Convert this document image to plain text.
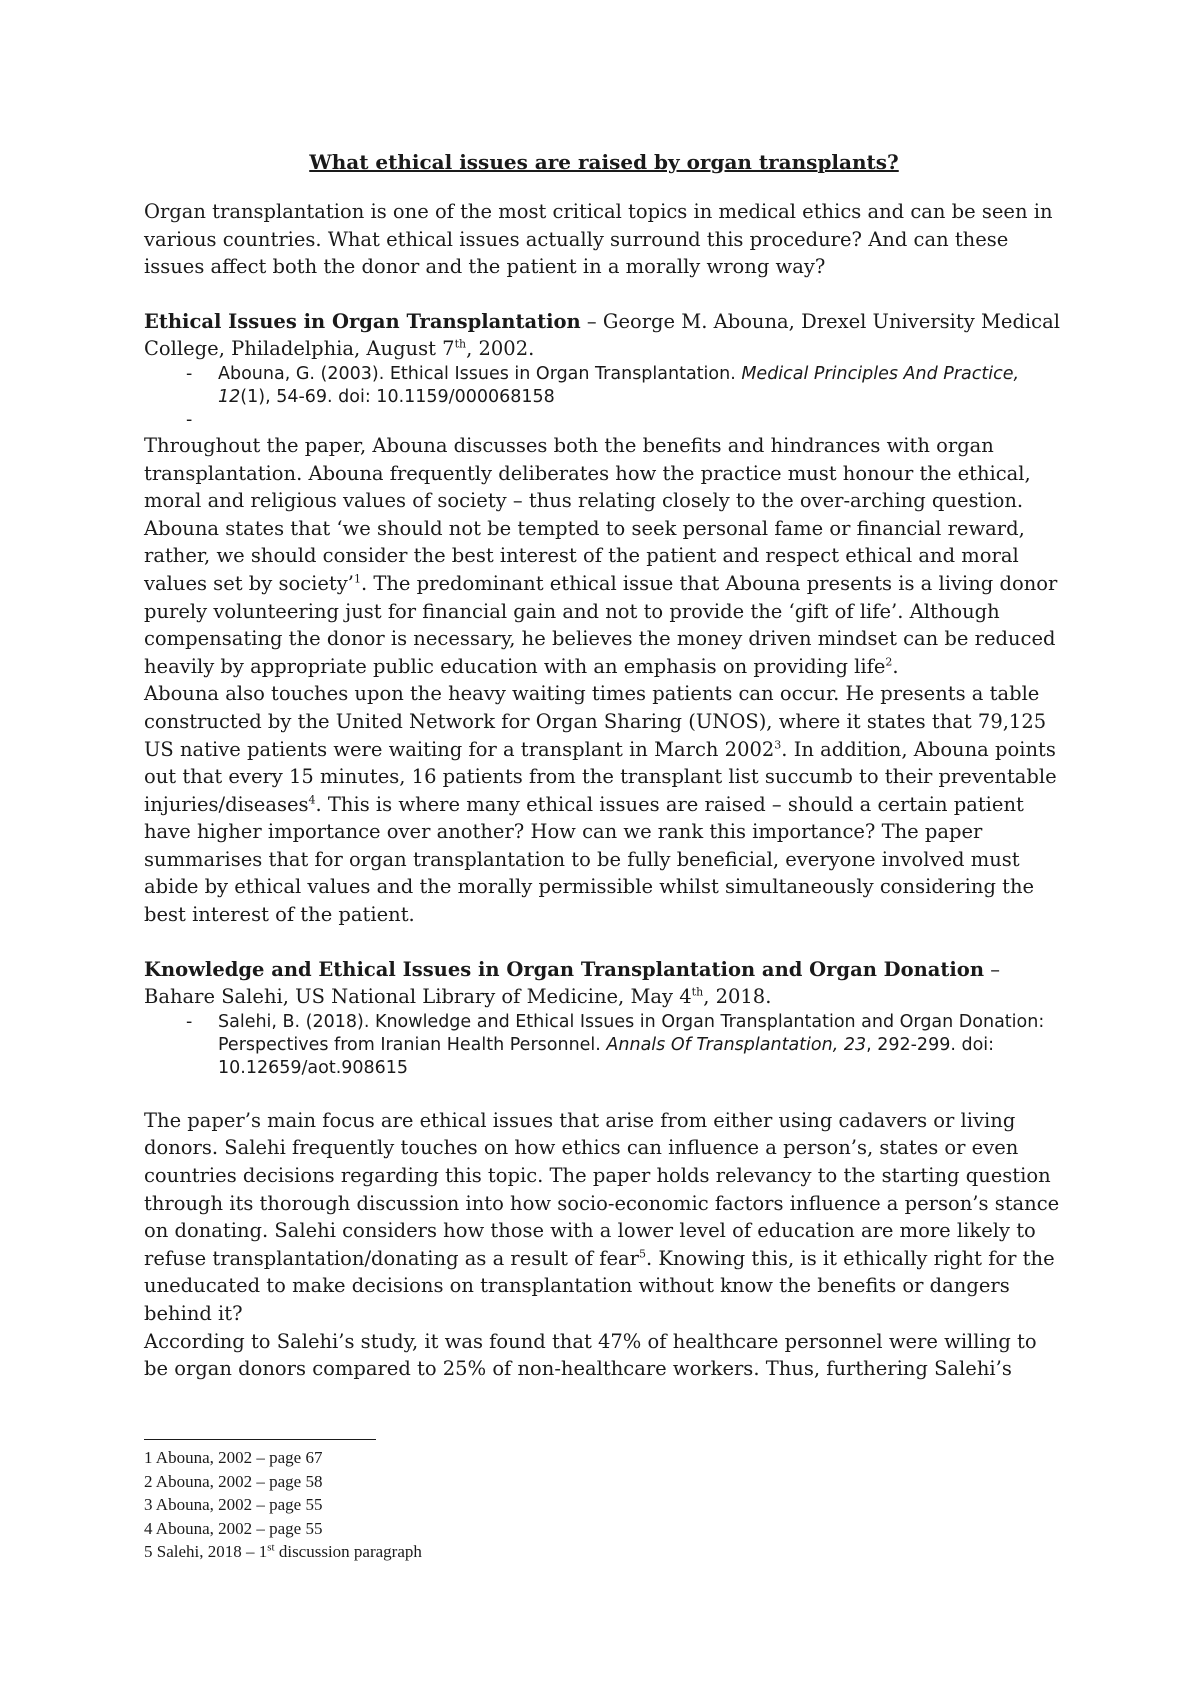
What ethical issues are raised by organ transplants?

Organ transplantation is one of the most critical topics in medical ethics and can be seen in various countries. What ethical issues actually surround this procedure? And can these issues affect both the donor and the patient in a morally wrong way?

Ethical Issues in Organ Transplantation – George M. Abouna, Drexel University Medical College, Philadelphia, August 7th, 2002.

- Abouna, G. (2003). Ethical Issues in Organ Transplantation. Medical Principles And Practice, 12(1), 54-69. doi: 10.1159/000068158
-

Throughout the paper, Abouna discusses both the benefits and hindrances with organ transplantation. Abouna frequently deliberates how the practice must honour the ethical, moral and religious values of society – thus relating closely to the over-arching question. Abouna states that ‘we should not be tempted to seek personal fame or financial reward, rather, we should consider the best interest of the patient and respect ethical and moral values set by society’$^1$. The predominant ethical issue that Abouna presents is a living donor purely volunteering just for financial gain and not to provide the ‘gift of life’. Although compensating the donor is necessary, he believes the money driven mindset can be reduced heavily by appropriate public education with an emphasis on providing life$^2$.

Abouna also touches upon the heavy waiting times patients can occur. He presents a table constructed by the United Network for Organ Sharing (UNOS), where it states that 79,125 US native patients were waiting for a transplant in March 2002$^3$. In addition, Abouna points out that every 15 minutes, 16 patients from the transplant list succumb to their preventable injuries/diseases$^4$. This is where many ethical issues are raised – should a certain patient have higher importance over another? How can we rank this importance? The paper summarises that for organ transplantation to be fully beneficial, everyone involved must abide by ethical values and the morally permissible whilst simultaneously considering the best interest of the patient.

Knowledge and Ethical Issues in Organ Transplantation and Organ Donation – Bahare Salehi, US National Library of Medicine, May 4th, 2018.

- Salehi, B. (2018). Knowledge and Ethical Issues in Organ Transplantation and Organ Donation: Perspectives from Iranian Health Personnel. Annals Of Transplantation, 23, 292-299. doi: 10.12659/aot.908615

The paper’s main focus are ethical issues that arise from either using cadavers or living donors. Salehi frequently touches on how ethics can influence a person’s, states or even countries decisions regarding this topic. The paper holds relevancy to the starting question through its thorough discussion into how socio-economic factors influence a person’s stance on donating. Salehi considers how those with a lower level of education are more likely to refuse transplantation/donating as a result of fear$^5$. Knowing this, is it ethically right for the uneducated to make decisions on transplantation without know the benefits or dangers behind it?

According to Salehi’s study, it was found that 47% of healthcare personnel were willing to be organ donors compared to 25% of non-healthcare workers. Thus, furthering Salehi’s

1 Abouna, 2002 – page 67

2 Abouna, 2002 – page 58

3 Abouna, 2002 – page 55

4 Abouna, 2002 – page 55

5 Salehi, 2018 – 1st discussion paragraph
